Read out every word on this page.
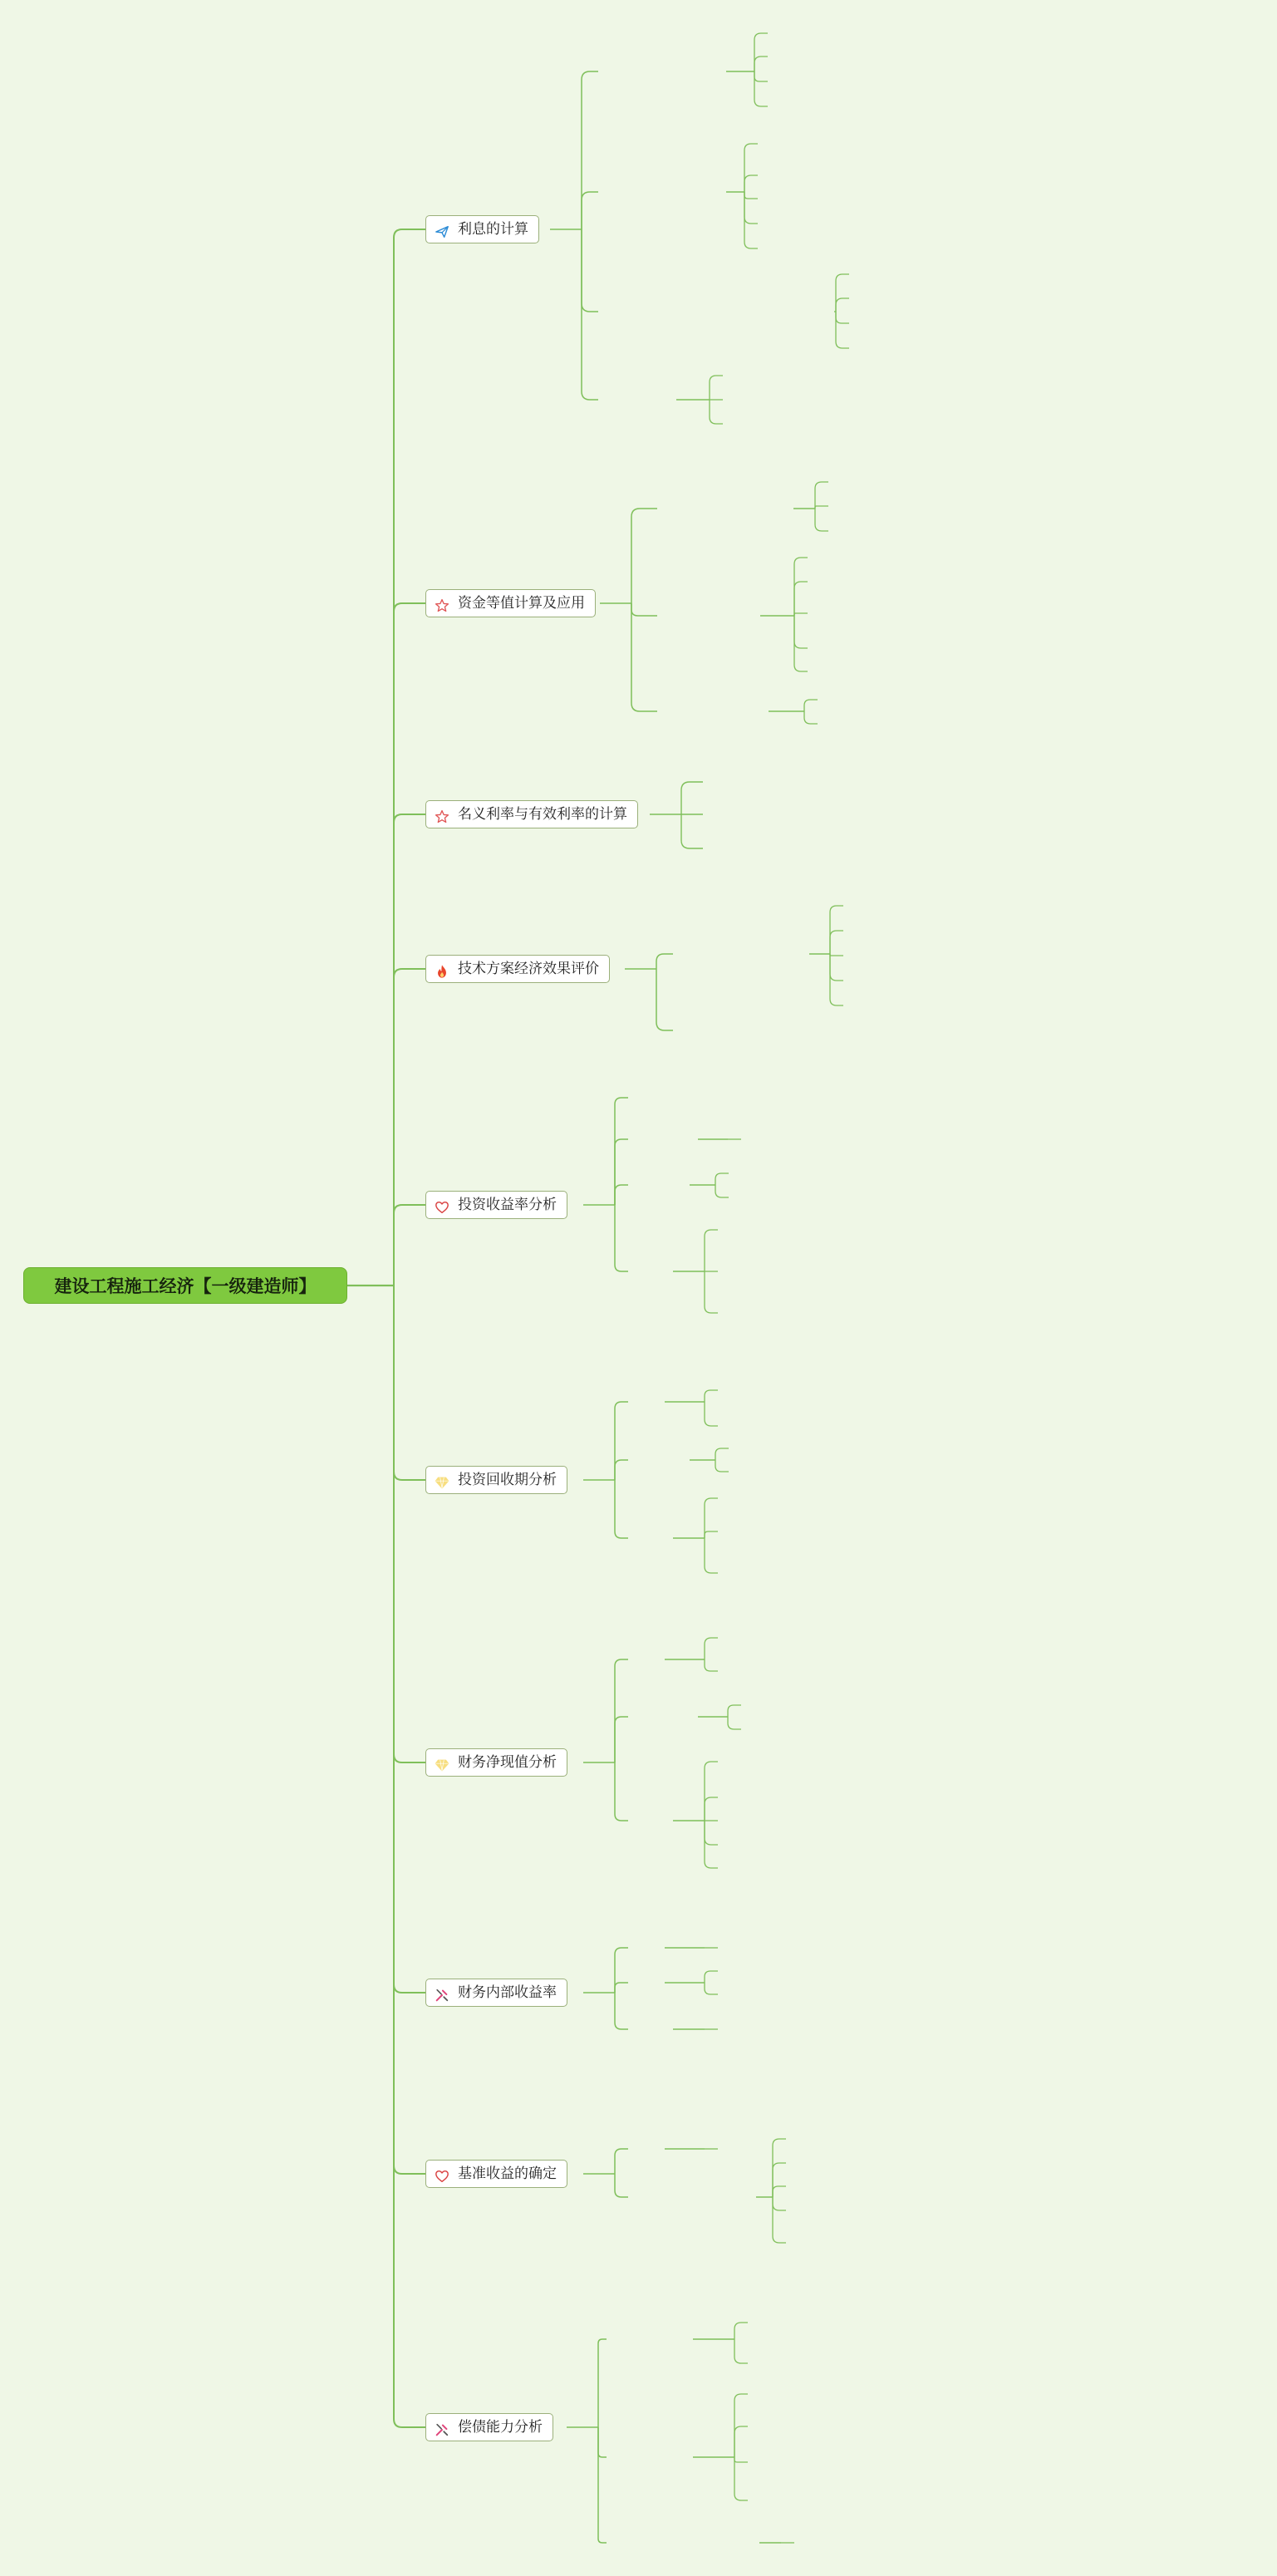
建设工程施工经济【一级建造师】
利息的计算
资金等值计算及应用
名义利率与有效利率的计算
技术方案经济效果评价
投资收益率分析
投资回收期分析
财务净现值分析
财务内部收益率
基准收益的确定
偿债能力分析
